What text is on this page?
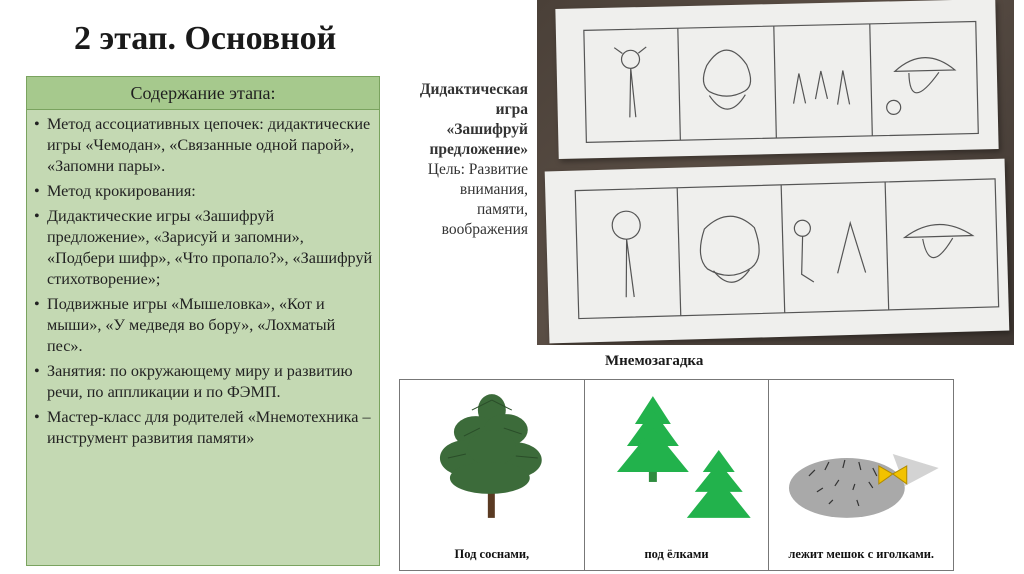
2 этап. Основной
Содержание этапа:
• Метод ассоциативных цепочек: дидактические игры «Чемодан», «Связанные одной парой», «Запомни пары».
• Метод крокирования:
• Дидактические игры «Зашифруй предложение», «Зарисуй и запомни», «Подбери шифр», «Что пропало?», «Зашифруй стихотворение»;
• Подвижные игры «Мышеловка», «Кот и мыши», «У медведя во бору», «Лохматый пес».
• Занятия: по окружающему миру и развитию речи, по аппликации и по ФЭМП.
• Мастер-класс для родителей «Мнемотехника – инструмент развития памяти»
Дидактическая
игра
«Зашифруй
предложение»
Цель: Развитие
внимания,
памяти,
воображения
Мнемозагадка
Под соснами,	под ёлками	лежит мешок с иголками.
